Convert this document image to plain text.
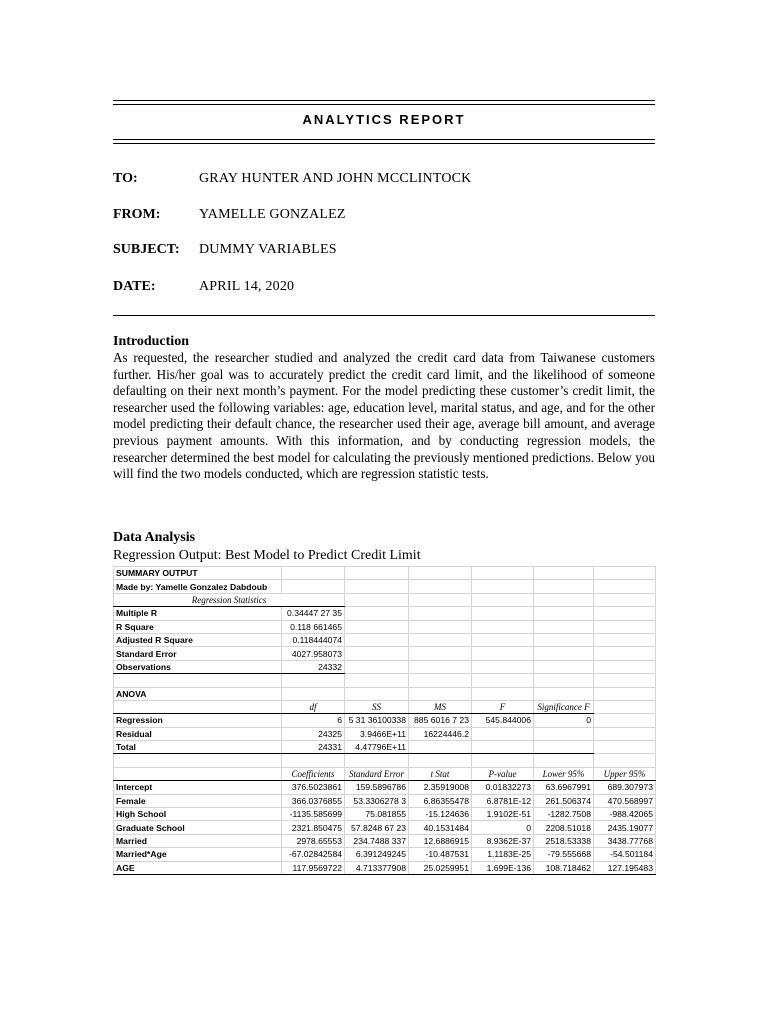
ANALYTICS REPORT
TO:	GRAY HUNTER AND JOHN MCCLINTOCK
FROM:	YAMELLE GONZALEZ
SUBJECT: DUMMY VARIABLES
DATE:	APRIL 14, 2020
Introduction

As requested, the researcher studied and analyzed the credit card data from Taiwanese customers further. His/her goal was to accurately predict the credit card limit, and the likelihood of someone defaulting on their next month’s payment. For the model predicting these customer’s credit limit, the researcher used the following variables: age, education level, marital status, and age, and for the other model predicting their default chance, the researcher used their age, average bill amount, and average previous payment amounts. With this information, and by conducting regression models, the researcher determined the best model for calculating the previously mentioned predictions. Below you will find the two models conducted, which are regression statistic tests.

Data Analysis
Regression Output: Best Model to Predict Credit Limit
SUMMARY OUTPUT						
Made by: Yamelle Gonzalez Dabdoub						
Regression Statistics						
Multiple R	0.34447 27 35					
R Square	0.118 661465					
Adjusted R Square	0.118444074					
Standard Error	4027.958073					
Observations	24332					

ANOVA						
	df	SS	MS	F	Significance F	
Regression	6	5 31 36100338	885 6016 7 23	545.844006	0	
Residual	24325	3.9466E+11	16224446.2			
Total	24331	4.47796E+11				

	Coefficients	Standard Error	t Stat	P-value	Lower 95%	Upper 95%
Intercept	376.5023861	159.5896786	2.35919008	0.01832273	63.6967991	689.307973
Female	366.0376855	53.3306278 3	6.86355478	6.8781E-12	261.506374	470.568997
High School	-1135.585699	75.081855	-15.124636	1.9102E-51	-1282.7508	-988.42065
Graduate School	2321.850475	57.8248 67 23	40.1531484	0	2208.51018	2435.19077
Married	2978.65553	234.7488 337	12.6886915	8.9362E-37	2518.53338	3438.77768
Married*Age	-67.02842584	6.391249245	-10.487531	1.1183E-25	-79.555668	-54.501184
AGE	117.9569722	4.713377908	25.0259951	1.699E-136	108.718462	127.195483
